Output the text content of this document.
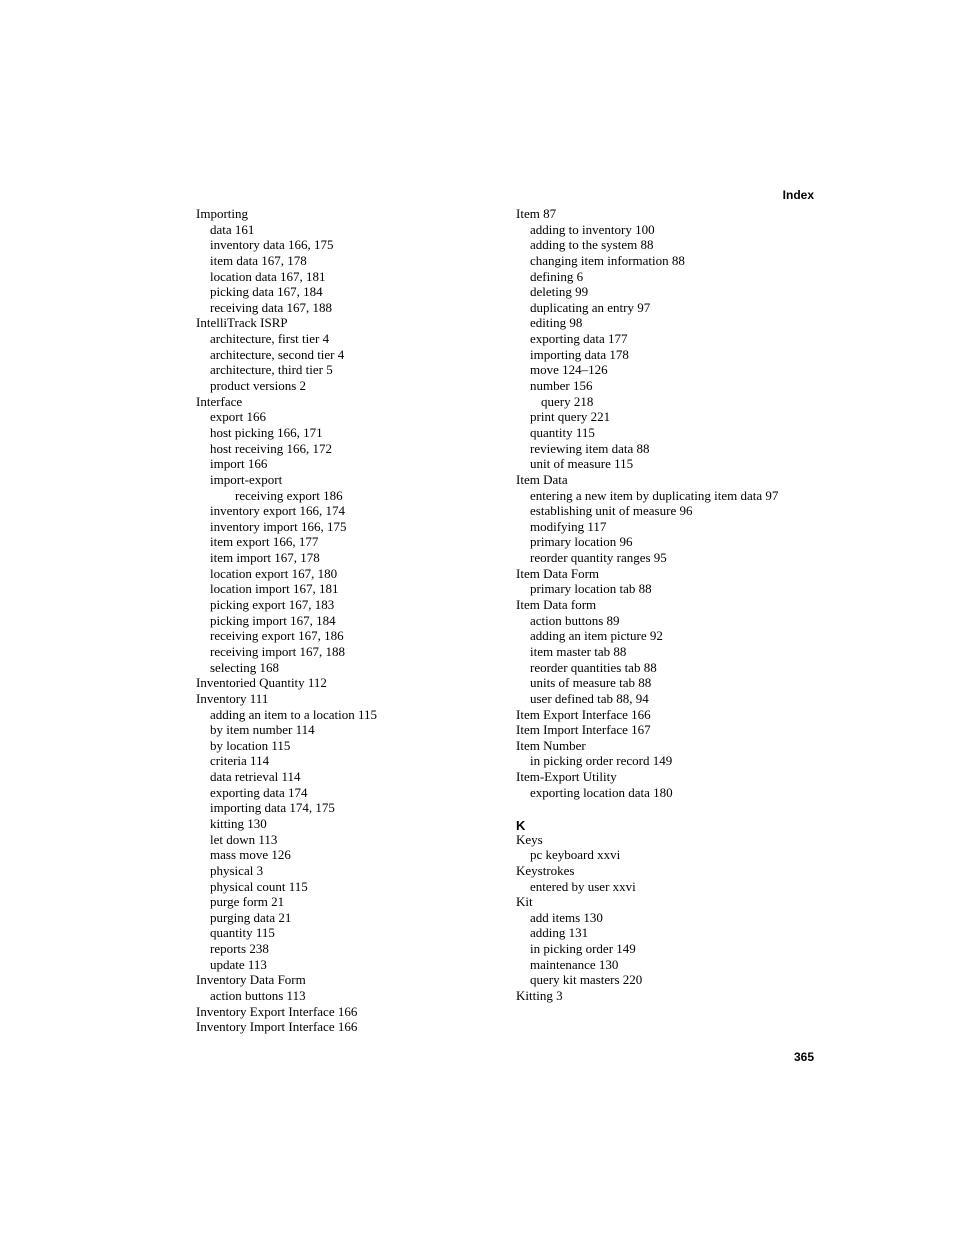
Index
Importing
data 161
inventory data 166, 175
item data 167, 178
location data 167, 181
picking data 167, 184
receiving data 167, 188
IntelliTrack ISRP
architecture, first tier 4
architecture, second tier 4
architecture, third tier 5
product versions 2
Interface
export 166
host picking 166, 171
host receiving 166, 172
import 166
import-export
receiving export 186
inventory export 166, 174
inventory import 166, 175
item export 166, 177
item import 167, 178
location export 167, 180
location import 167, 181
picking export 167, 183
picking import 167, 184
receiving export 167, 186
receiving import 167, 188
selecting 168
Inventoried Quantity 112
Inventory 111
adding an item to a location 115
by item number 114
by location 115
criteria 114
data retrieval 114
exporting data 174
importing data 174, 175
kitting 130
let down 113
mass move 126
physical 3
physical count 115
purge form 21
purging data 21
quantity 115
reports 238
update 113
Inventory Data Form
action buttons 113
Inventory Export Interface 166
Inventory Import Interface 166
Item 87
adding to inventory 100
adding to the system 88
changing item information 88
defining 6
deleting 99
duplicating an entry 97
editing 98
exporting data 177
importing data 178
move 124–126
number 156
query 218
print query 221
quantity 115
reviewing item data 88
unit of measure 115
Item Data
entering a new item by duplicating item data 97
establishing unit of measure 96
modifying 117
primary location 96
reorder quantity ranges 95
Item Data Form
primary location tab 88
Item Data form
action buttons 89
adding an item picture 92
item master tab 88
reorder quantities tab 88
units of measure tab 88
user defined tab 88, 94
Item Export Interface 166
Item Import Interface 167
Item Number
in picking order record 149
Item-Export Utility
exporting location data 180
K
Keys
pc keyboard xxvi
Keystrokes
entered by user xxvi
Kit
add items 130
adding 131
in picking order 149
maintenance 130
query kit masters 220
Kitting 3
365
